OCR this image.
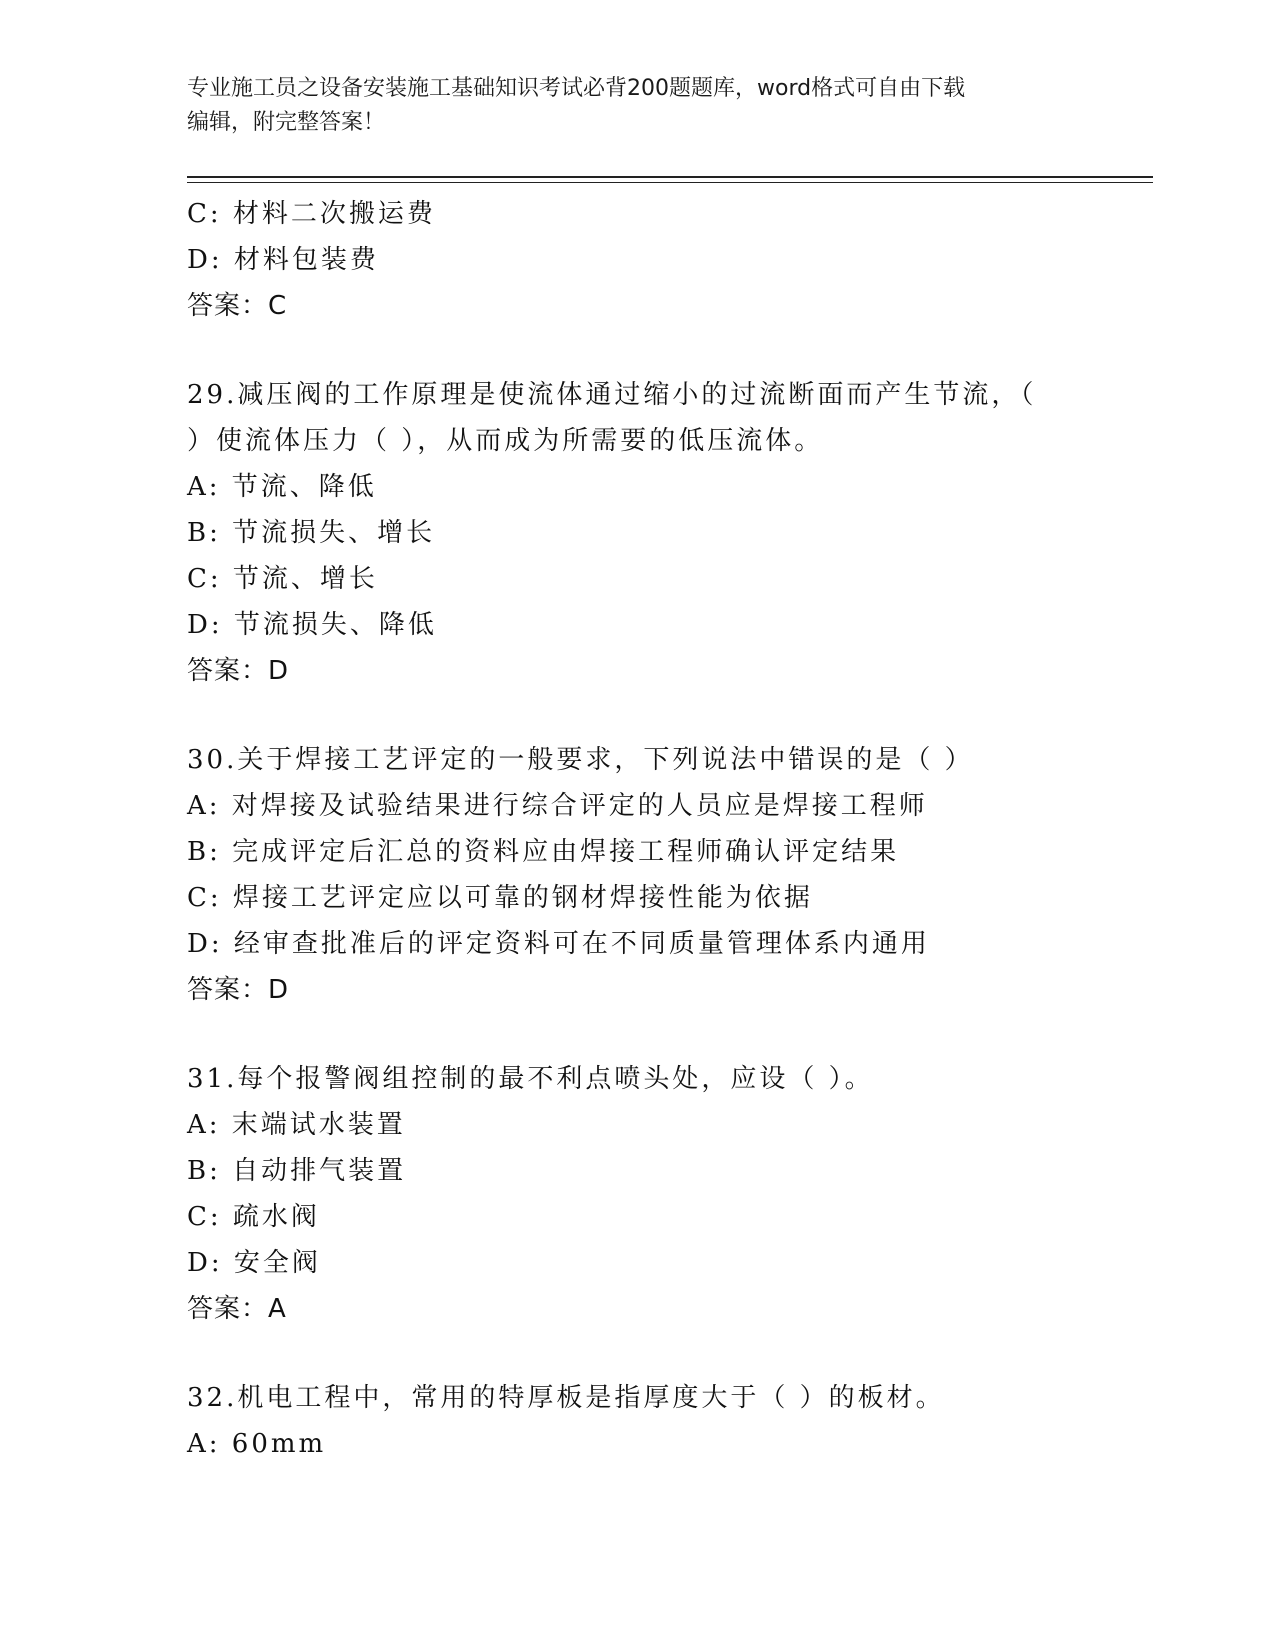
专业施工员之设备安装施工基础知识考试必背200题题库，word格式可自由下载
编辑，附完整答案！
C: 材料二次搬运费
D: 材料包装费
答案：C
29.减压阀的工作原理是使流体通过缩小的过流断面而产生节流，（
）使流体压力（ ），从而成为所需要的低压流体。
A: 节流、降低
B: 节流损失、增长
C: 节流、增长
D: 节流损失、降低
答案：D
30.关于焊接工艺评定的一般要求，下列说法中错误的是（ ）
A: 对焊接及试验结果进行综合评定的人员应是焊接工程师
B: 完成评定后汇总的资料应由焊接工程师确认评定结果
C: 焊接工艺评定应以可靠的钢材焊接性能为依据
D: 经审查批准后的评定资料可在不同质量管理体系内通用
答案：D
31.每个报警阀组控制的最不利点喷头处，应设（ ）。
A: 末端试水装置
B: 自动排气装置
C: 疏水阀
D: 安全阀
答案：A
32.机电工程中，常用的特厚板是指厚度大于（ ）的板材。
A: 60mm
